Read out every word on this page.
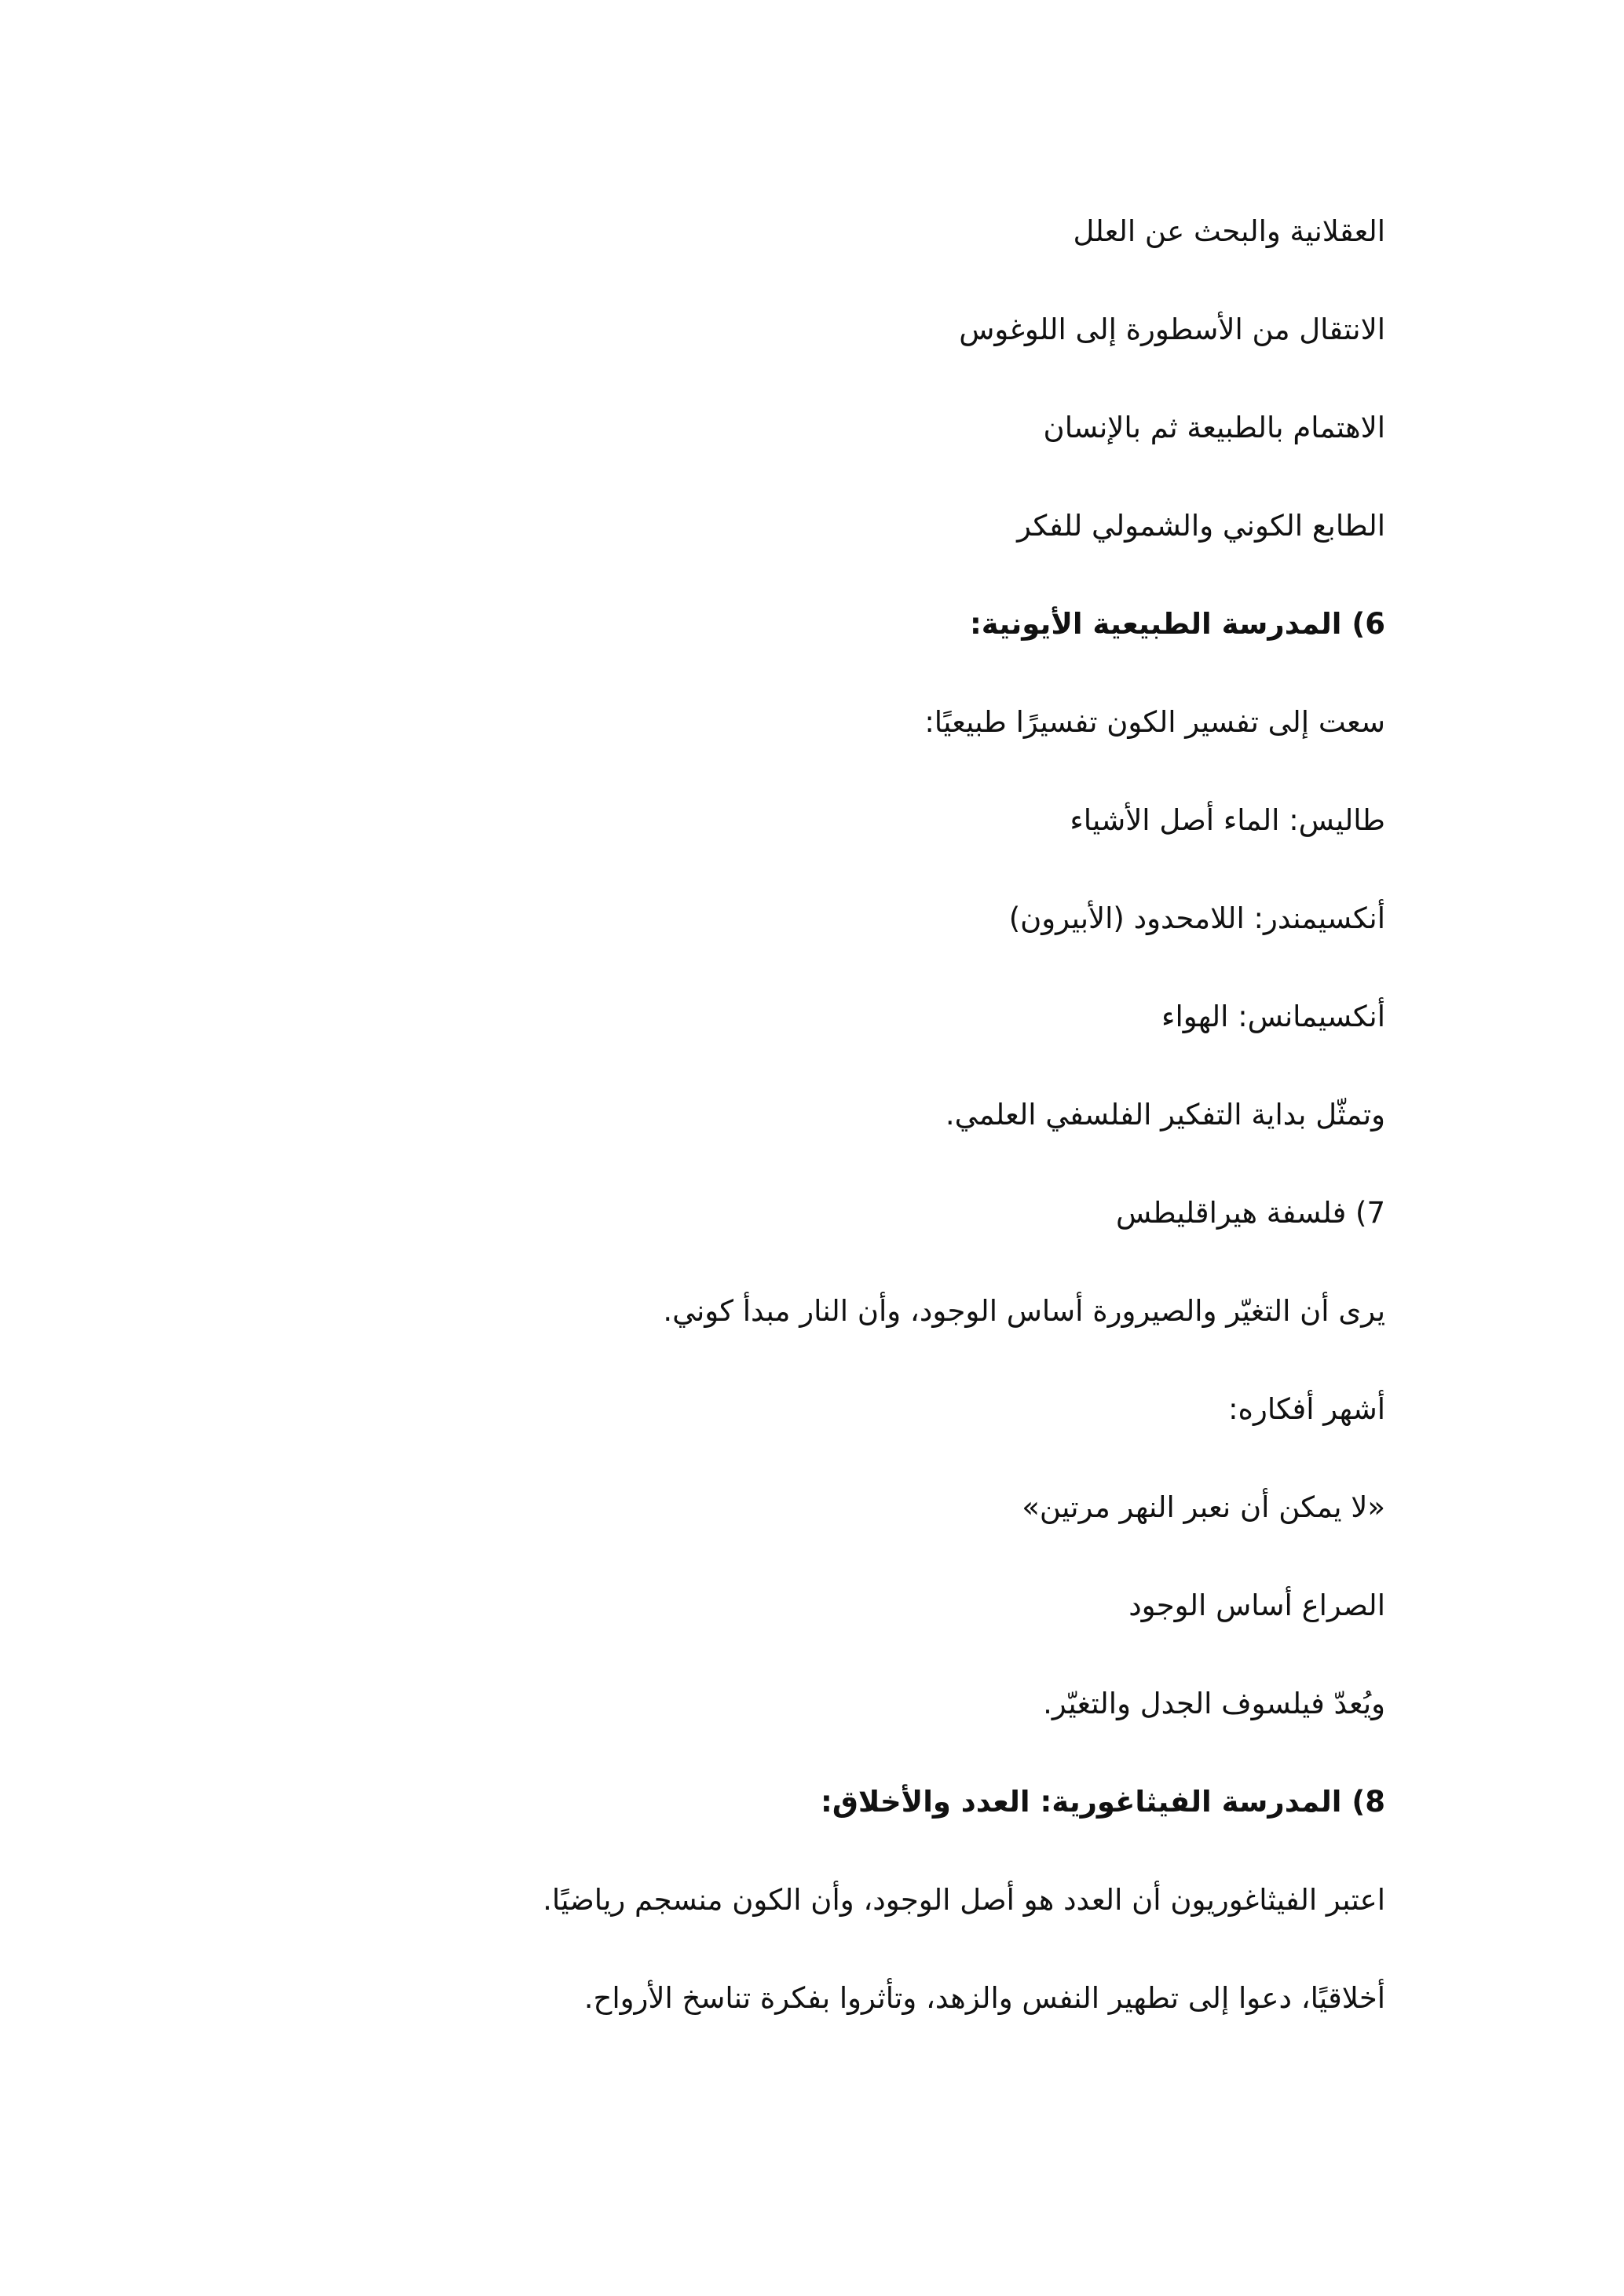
العقلانية والبحث عن العلل
الانتقال من الأسطورة إلى اللوغوس
الاهتمام بالطبيعة ثم بالإنسان
الطابع الكوني والشمولي للفكر
6) المدرسة الطبيعية الأيونية:
سعت إلى تفسير الكون تفسيرًا طبيعيًا:
طاليس: الماء أصل الأشياء
أنكسيمندر: اللامحدود (الأبيرون)
أنكسيمانس: الهواء
وتمثّل بداية التفكير الفلسفي العلمي.
7) فلسفة هيراقليطس
يرى أن التغيّر والصيرورة أساس الوجود، وأن النار مبدأ كوني.
أشهر أفكاره:
«لا يمكن أن نعبر النهر مرتين»
الصراع أساس الوجود
ويُعدّ فيلسوف الجدل والتغيّر.
8) المدرسة الفيثاغورية: العدد والأخلاق:
اعتبر الفيثاغوريون أن العدد هو أصل الوجود، وأن الكون منسجم رياضيًا.
أخلاقيًا، دعوا إلى تطهير النفس والزهد، وتأثروا بفكرة تناسخ الأرواح.
